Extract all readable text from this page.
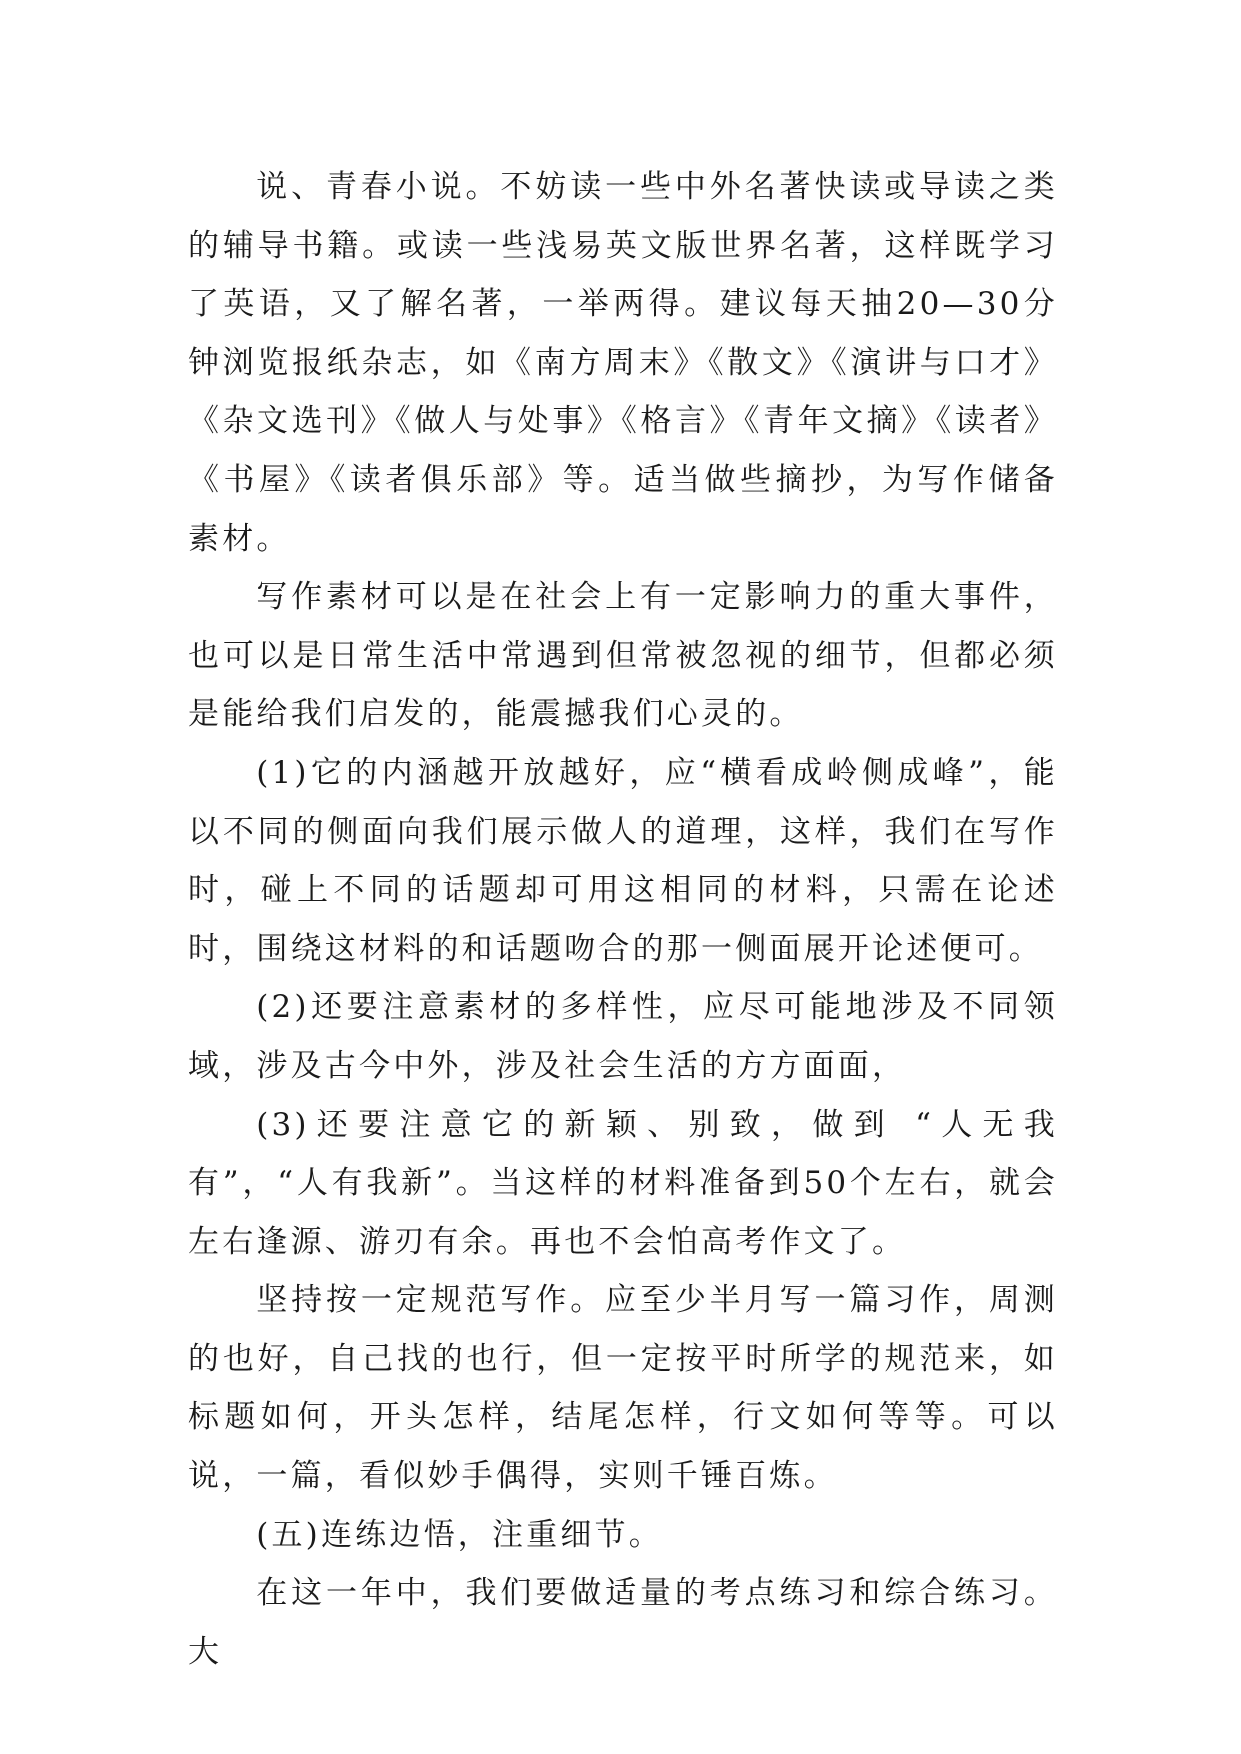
说、青春小说。不妨读一些中外名著快读或导读之类的辅导书籍。或读一些浅易英文版世界名著，这样既学习了英语，又了解名著，一举两得。建议每天抽20—30分钟浏览报纸杂志，如《南方周末》《散文》《演讲与口才》《杂文选刊》《做人与处事》《格言》《青年文摘》《读者》《书屋》《读者俱乐部》等。适当做些摘抄，为写作储备素材。

写作素材可以是在社会上有一定影响力的重大事件，也可以是日常生活中常遇到但常被忽视的细节，但都必须是能给我们启发的，能震撼我们心灵的。

(1)它的内涵越开放越好，应“横看成岭侧成峰”，能以不同的侧面向我们展示做人的道理，这样，我们在写作时，碰上不同的话题却可用这相同的材料，只需在论述时，围绕这材料的和话题吻合的那一侧面展开论述便可。

(2)还要注意素材的多样性，应尽可能地涉及不同领域，涉及古今中外，涉及社会生活的方方面面，

(3)还要注意它的新颖、别致，做到 “人无我有”，“人有我新”。当这样的材料准备到50个左右，就会左右逢源、游刃有余。再也不会怕高考作文了。

坚持按一定规范写作。应至少半月写一篇习作，周测的也好，自己找的也行，但一定按平时所学的规范来，如标题如何，开头怎样，结尾怎样，行文如何等等。可以说，一篇，看似妙手偶得，实则千锤百炼。

(五)连练边悟，注重细节。

在这一年中，我们要做适量的考点练习和综合练习。大
